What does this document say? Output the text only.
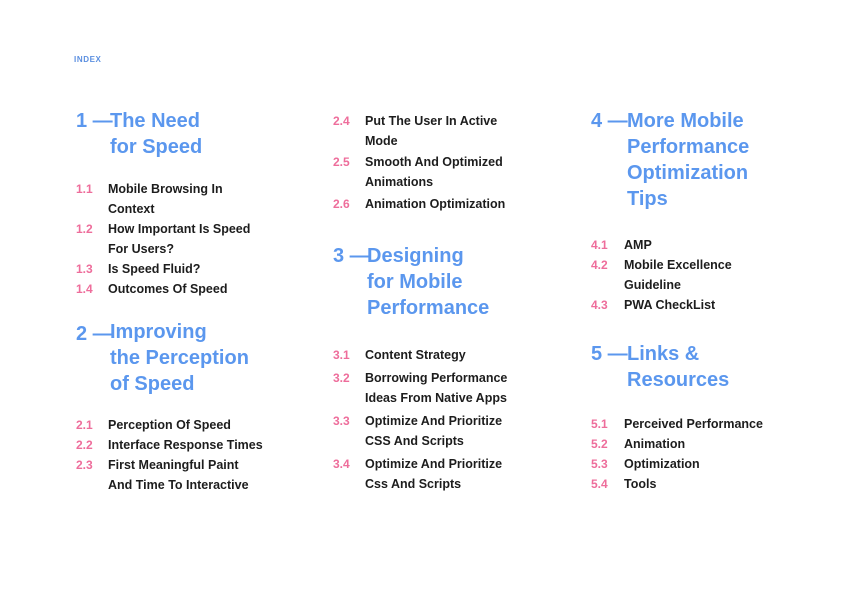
INDEX
1 —
The Need
for Speed
1.1 Mobile Browsing In
Context
1.2 How Important Is Speed
For Users?
1.3 Is Speed Fluid?
1.4 Outcomes Of Speed
2 —
Improving
the Perception
of Speed
2.1 Perception Of Speed
2.2 Interface Response Times
2.3 First Meaningful Paint
And Time To Interactive
2.4 Put The User In Active
Mode
2.5 Smooth And Optimized
Animations
2.6 Animation Optimization
3 —
Designing
for Mobile
Performance
3.1 Content Strategy
3.2 Borrowing Performance
Ideas From Native Apps
3.3 Optimize And Prioritize
CSS And Scripts
3.4 Optimize And Prioritize
Css And Scripts
4 — More Mobile
Performance
Optimization
Tips
4.1 AMP
4.2 Mobile Excellence
Guideline
4.3 PWA CheckList
5 — Links &
Resources
5.1 Perceived Performance
5.2 Animation
5.3 Optimization
5.4 Tools
